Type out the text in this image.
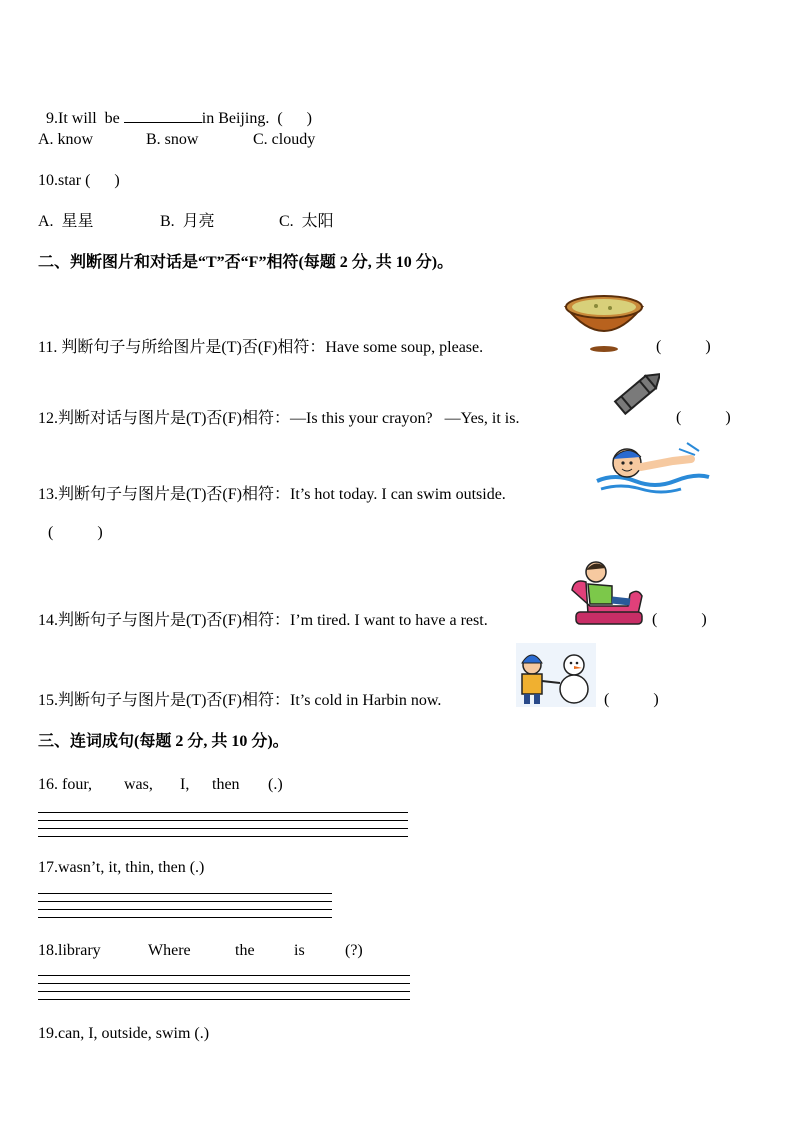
9.It will  be	in Beijing.  (      )

A. know	B. snow	C. cloudy
10.star (      )
A.  星星	B.  月亮	C.  太阳
二、判断图片和对话是“T”否“F”相符(每题 2 分, 共 10 分)。
11. 判断句子与所给图片是(T)否(F)相符：Have some soup, please.	(           )
12.判断对话与图片是(T)否(F)相符：—Is this your crayon?   —Yes, it is.	(           )
13.判断句子与图片是(T)否(F)相符：It’s hot today. I can swim outside.
(           )
14.判断句子与图片是(T)否(F)相符：I’m tired. I want to have a rest.	(           )
15.判断句子与图片是(T)否(F)相符：It’s cold in Harbin now.	(           )
三、连词成句(每题 2 分, 共 10 分)。
16. four, was, I, then (.)
17.wasn’t, it, thin, then (.)
18.library	Where	the is	(?)
19.can, I, outside, swim (.)
